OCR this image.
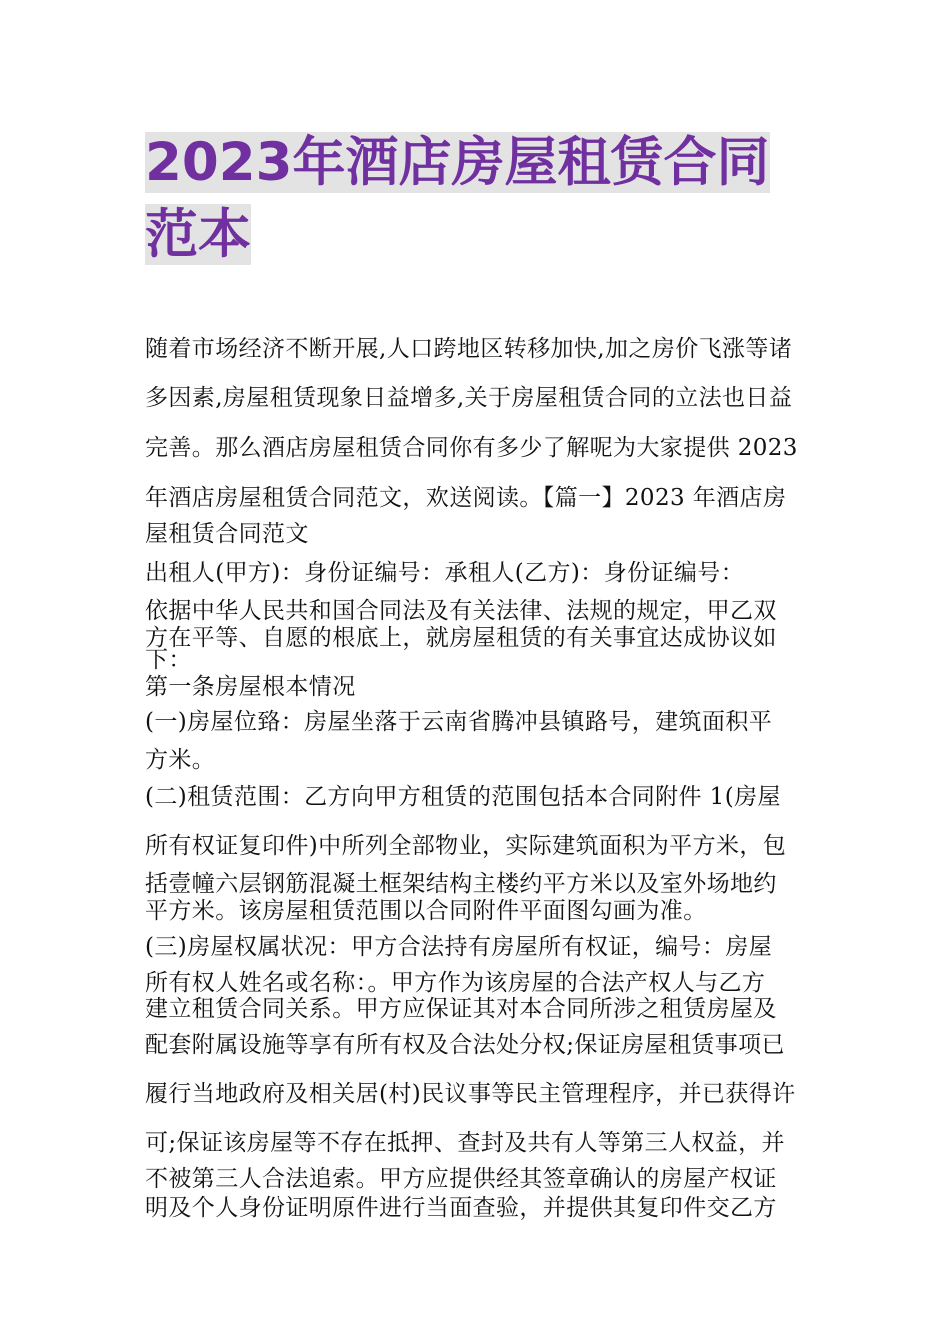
2023年酒店房屋租赁合同
范本
随着市场经济不断开展,人口跨地区转移加快,加之房价飞涨等诸
多因素,房屋租赁现象日益增多,关于房屋租赁合同的立法也日益
完善。那么酒店房屋租赁合同你有多少了解呢为大家提供 2023
年酒店房屋租赁合同范文，欢送阅读。【篇一】2023 年酒店房
屋租赁合同范文
出租人(甲方)：身份证编号：承租人(乙方)：身份证编号：
依据中华人民共和国合同法及有关法律、法规的规定，甲乙双
方在平等、自愿的根底上，就房屋租赁的有关事宜达成协议如
下：
第一条房屋根本情况
(一)房屋位臵：房屋坐落于云南省腾冲县镇路号，建筑面积平
方米。
(二)租赁范围：乙方向甲方租赁的范围包括本合同附件 1(房屋
所有权证复印件)中所列全部物业，实际建筑面积为平方米，包
括壹幢六层钢筋混凝土框架结构主楼约平方米以及室外场地约
平方米。该房屋租赁范围以合同附件平面图勾画为准。
(三)房屋权属状况：甲方合法持有房屋所有权证，编号：房屋
所有权人姓名或名称：。甲方作为该房屋的合法产权人与乙方
建立租赁合同关系。甲方应保证其对本合同所涉之租赁房屋及
配套附属设施等享有所有权及合法处分权;保证房屋租赁事项已
履行当地政府及相关居(村)民议事等民主管理程序，并已获得许
可;保证该房屋等不存在抵押、查封及共有人等第三人权益，并
不被第三人合法追索。甲方应提供经其签章确认的房屋产权证
明及个人身份证明原件进行当面查验，并提供其复印件交乙方
